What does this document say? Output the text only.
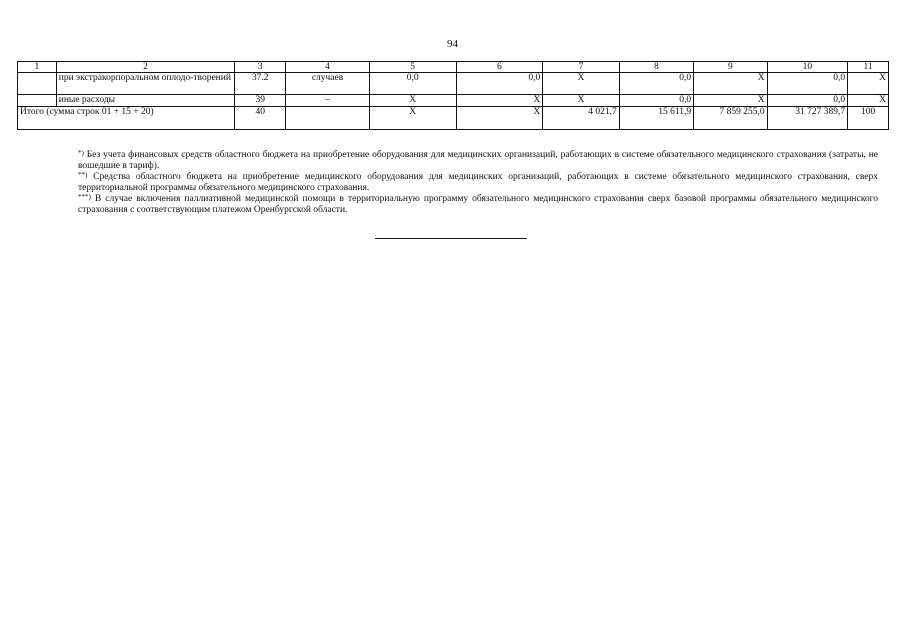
94
1	2	3	4	5	6	7	8	9	10	11
	при экстракорпоральном оплодо-творений	37.2	случаев	0,0	0,0	X	0,0	X	0,0	X
	иные расходы	39	–	X	X	X	0,0	X	0,0	X
Итого (сумма строк 01 + 15 + 20)		40		X	X	4 021,7	15 611,9	7 859 255,0	31 727 389,7	100

*) Без учета финансовых средств областного бюджета на приобретение оборудования для медицинских организаций, работающих в системе обязательного медицинского страхования (затраты, не вошедшие в тариф).

**) Средства областного бюджета на приобретение медицинского оборудования для медицинских организаций, работающих в системе обязательного медицинского страхования, сверх территориальной программы обязательного медицинского страхования.

***) В случае включения паллиативной медицинской помощи в территориальную программу обязательного медицинского страхования сверх базовой программы обязательного медицинского страхования с соответствующим платежом Оренбургской области.
